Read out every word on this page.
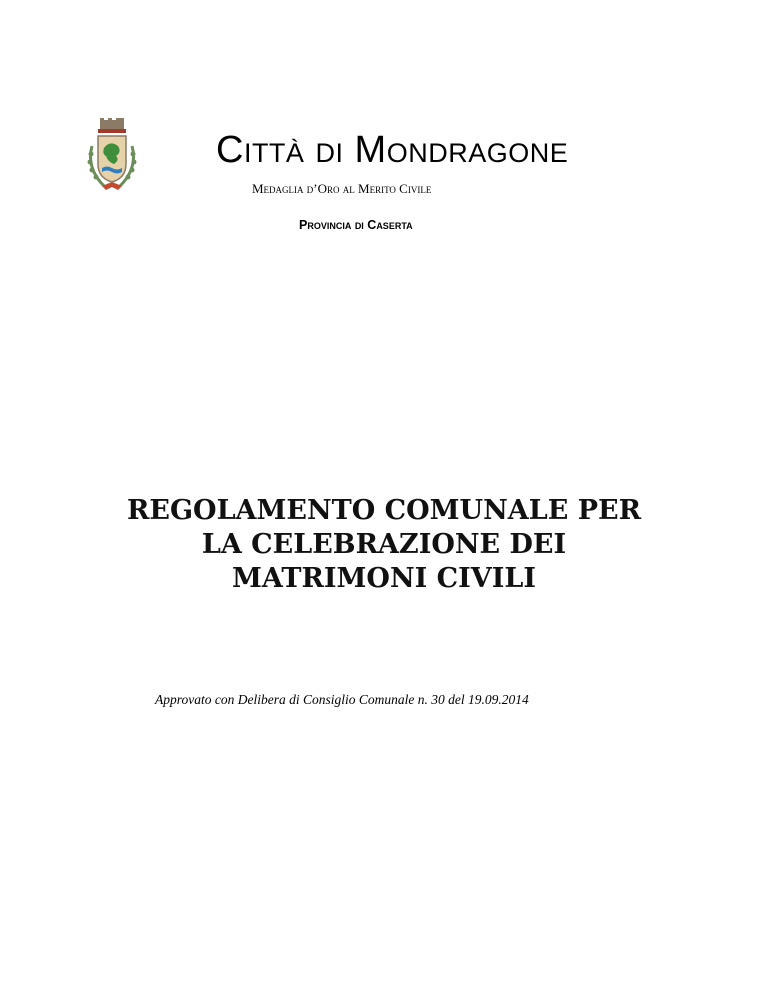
Città di Mondragone
Medaglia d’Oro al Merito Civile
Provincia di Caserta
REGOLAMENTO COMUNALE PER
LA CELEBRAZIONE DEI
MATRIMONI CIVILI
Approvato con Delibera di Consiglio Comunale n. 30 del 19.09.2014
